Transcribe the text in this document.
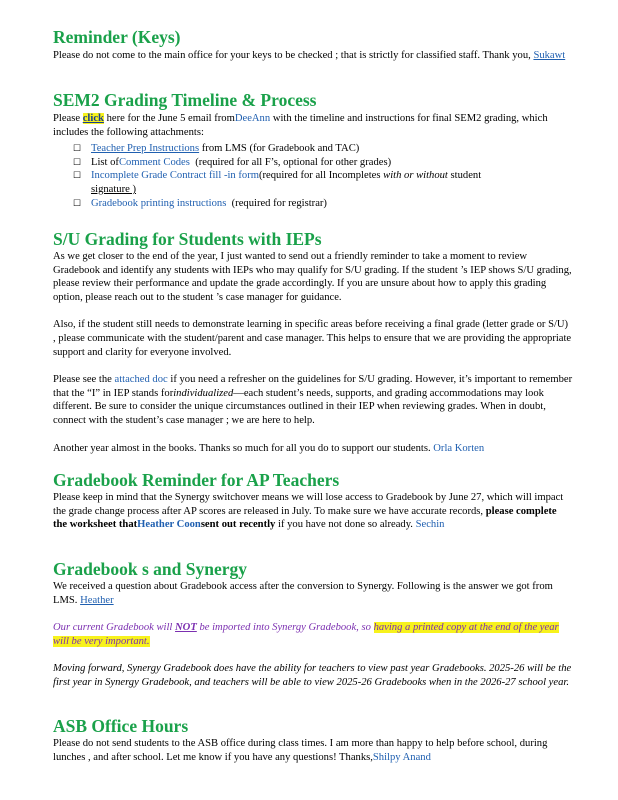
Reminder (Keys)

Please do not come to the main office for your keys to be checked ; that is strictly for classified staff. Thank you, Sukawt

SEM2 Grading Timeline & Process

Please click here for the June 5 email fromDeeAnn with the timeline and instructions for final SEM2 grading, which includes the following attachments:

☐ Teacher Prep Instructions from LMS (for Gradebook and TAC)
☐ List ofComment Codes (required for all F’s, optional for other grades)
☐ Incomplete Grade Contract fill -in form(required for all Incompletes with or without student
signature )
☐ Gradebook printing instructions (required for registrar)
S/U Grading for Students with IEPs

As we get closer to the end of the year, I just wanted to send out a friendly reminder to take a moment to review Gradebook and identify any students with IEPs who may qualify for S/U grading. If the student ’s IEP shows S/U grading, please review their performance and update the grade accordingly. If you are unsure about how to apply this grading option, please reach out to the student ’s case manager for guidance.

Also, if the student still needs to demonstrate learning in specific areas before receiving a final grade (letter grade or S/U) , please communicate with the student/parent and case manager. This helps to ensure that we are providing the appropriate support and clarity for everyone involved.

Please see the attached doc if you need a refresher on the guidelines for S/U grading. However, it’s important to remember that the “I” in IEP stands forindividualized—each student’s needs, supports, and grading accommodations may look different. Be sure to consider the unique circumstances outlined in their IEP when reviewing grades. When in doubt, connect with the student’s case manager ; we are here to help.

Another year almost in the books. Thanks so much for all you do to support our students. Orla Korten

Gradebook Reminder for AP Teachers

Please keep in mind that the Synergy switchover means we will lose access to Gradebook by June 27, which will impact the grade change process after AP scores are released in July. To make sure we have accurate records, please complete the worksheet thatHeather Coonsent out recently if you have not done so already. Sechin

Gradebook s and Synergy

We received a question about Gradebook access after the conversion to Synergy. Following is the answer we got from LMS. Heather

Our current Gradebook will NOT be imported into Synergy Gradebook, so having a printed copy at the end of the year will be very important.

Moving forward, Synergy Gradebook does have the ability for teachers to view past year Gradebooks. 2025-26 will be the first year in Synergy Gradebook, and teachers will be able to view 2025-26 Gradebooks when in the 2026-27 school year.

ASB Office Hours

Please do not send students to the ASB office during class times. I am more than happy to help before school, during lunches , and after school. Let me know if you have any questions! Thanks,Shilpy Anand
